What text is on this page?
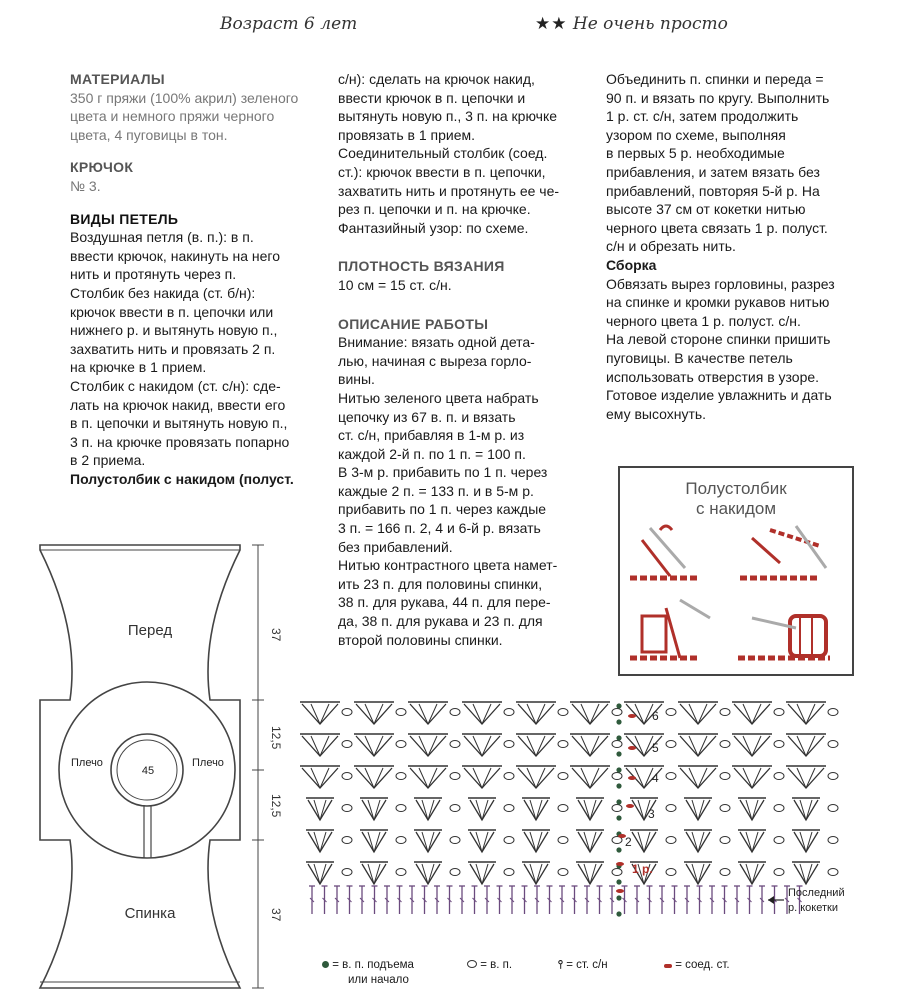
Возраст 6 лет	★★ Не очень просто

МАТЕРИАЛЫ

350 г пряжи (100% акрил) зеленого

цвета и немного пряжи черного

цвета, 4 пуговицы в тон.

КРЮЧОК

№ 3.

ВИДЫ ПЕТЕЛЬ

Воздушная петля (в. п.): в п.

ввести крючок, накинуть на него

нить и протянуть через п.

Столбик без накида (ст. б/н):

крючок ввести в п. цепочки или

нижнего р. и вытянуть новую п.,

захватить нить и провязать 2 п.

на крючке в 1 прием.

Столбик с накидом (ст. с/н): сде-

лать на крючок накид, ввести его

в п. цепочки и вытянуть новую п.,

3 п. на крючке провязать попарно

в 2 приема.

Полустолбик с накидом (полуст.

с/н): сделать на крючок накид,

ввести крючок в п. цепочки и

вытянуть новую п., 3 п. на крючке

провязать в 1 прием.

Соединительный столбик (соед.

ст.): крючок ввести в п. цепочки,

захватить нить и протянуть ее че-

рез п. цепочки и п. на крючке.

Фантазийный узор: по схеме.

ПЛОТНОСТЬ ВЯЗАНИЯ

10 см = 15 ст. с/н.

ОПИСАНИЕ РАБОТЫ

Внимание: вязать одной дета-

лью, начиная с выреза горло-

вины.

Нитью зеленого цвета набрать

цепочку из 67 в. п. и вязать

ст. с/н, прибавляя в 1-м р. из

каждой 2-й п. по 1 п. = 100 п.

В 3-м р. прибавить по 1 п. через

каждые 2 п. = 133 п. и в 5-м р.

прибавить по 1 п. через каждые

3 п. = 166 п. 2, 4 и 6-й р. вязать

без прибавлений.

Нитью контрастного цвета намет-

ить 23 п. для половины спинки,

38 п. для рукава, 44 п. для пере-

да, 38 п. для рукава и 23 п. для

второй половины спинки.

Объединить п. спинки и переда =

90 п. и вязать по кругу. Выполнить

1 р. ст. с/н, затем продолжить

узором по схеме, выполняя

в первых 5 р. необходимые

прибавления, и затем вязать без

прибавлений, повторяя 5-й р. На

высоте 37 см от кокетки нитью

черного цвета связать 1 р. полуст.

с/н и обрезать нить.

Сборка

Обвязать вырез горловины, разрез

на спинке и кромки рукавов нитью

черного цвета 1 р. полуст. с/н.

На левой стороне спинки пришить

пуговицы. В качестве петель

использовать отверстия в узоре.

Готовое изделие увлажнить и дать

ему высохнуть.

Полустолбик
с накидом
Перед
Спинка
Плечо	Плечо
45
37
12,5
12,5
37
1 р.
2
3
4
5
6
Последний
р. кокетки
= в. п. подъема
или начало
= в. п.	⫯ = ст. с/н	= соед. ст.
